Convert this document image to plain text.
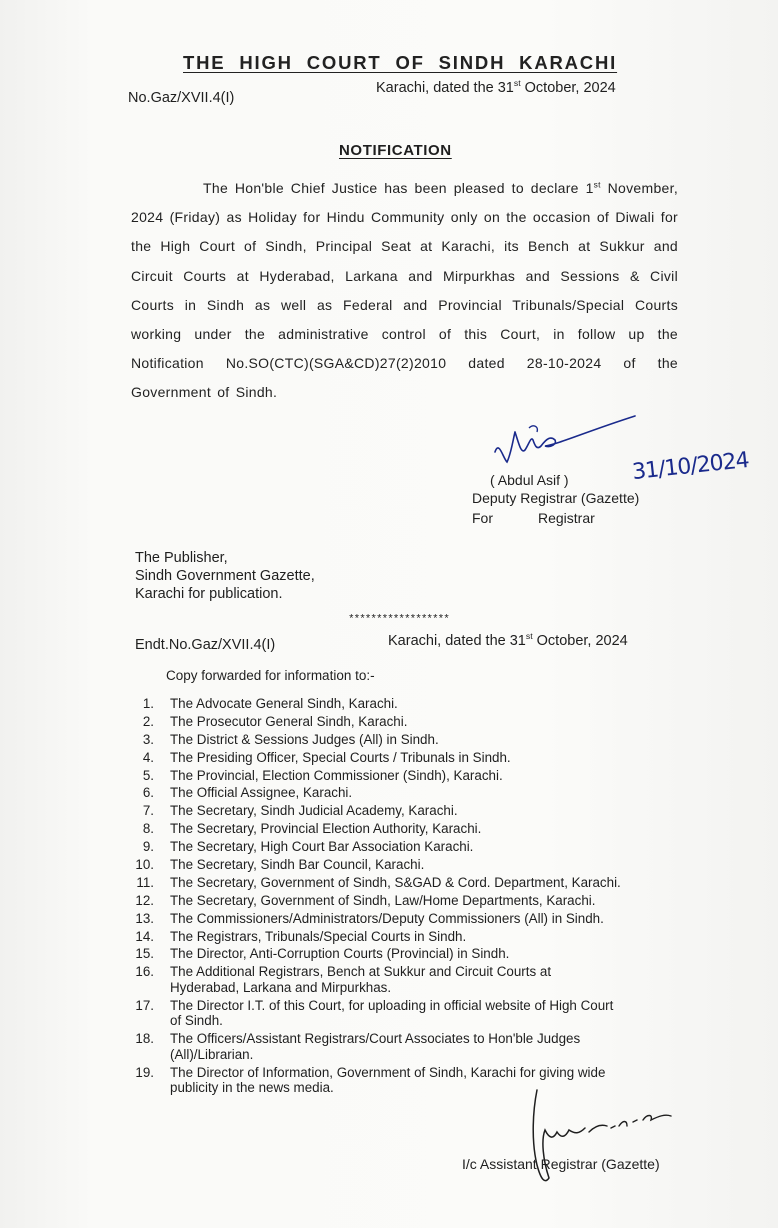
THE HIGH COURT OF SINDH KARACHI
No.Gaz/XVII.4(I)
Karachi, dated the 31st October, 2024
NOTIFICATION
The Hon'ble Chief Justice has been pleased to declare 1st November, 2024 (Friday) as Holiday for Hindu Community only on the occasion of Diwali for the High Court of Sindh, Principal Seat at Karachi, its Bench at Sukkur and Circuit Courts at Hyderabad, Larkana and Mirpurkhas and Sessions & Civil Courts in Sindh as well as Federal and Provincial Tribunals/Special Courts working under the administrative control of this Court, in follow up the Notification No.SO(CTC)(SGA&CD)27(2)2010 dated 28-10-2024 of the Government of Sindh.
31/10/2024
( Abdul Asif )
Deputy Registrar (Gazette)
For	Registrar
The Publisher,
Sindh Government Gazette,
Karachi for publication.
******************
Endt.No.Gaz/XVII.4(I)	Karachi, dated the 31st October, 2024
Copy forwarded for information to:-
1. The Advocate General Sindh, Karachi.
2. The Prosecutor General Sindh, Karachi.
3. The District & Sessions Judges (All) in Sindh.
4. The Presiding Officer, Special Courts / Tribunals in Sindh.
5. The Provincial, Election Commissioner (Sindh), Karachi.
6. The Official Assignee, Karachi.
7. The Secretary, Sindh Judicial Academy, Karachi.
8. The Secretary, Provincial Election Authority, Karachi.
9. The Secretary, High Court Bar Association Karachi.
10. The Secretary, Sindh Bar Council, Karachi.
11. The Secretary, Government of Sindh, S&GAD & Cord. Department, Karachi.
12. The Secretary, Government of Sindh, Law/Home Departments, Karachi.
13. The Commissioners/Administrators/Deputy Commissioners (All) in Sindh.
14. The Registrars, Tribunals/Special Courts in Sindh.
15. The Director, Anti-Corruption Courts (Provincial) in Sindh.
16. The Additional Registrars, Bench at Sukkur and Circuit Courts at
Hyderabad, Larkana and Mirpurkhas.
17. The Director I.T. of this Court, for uploading in official website of High Court
of Sindh.
18. The Officers/Assistant Registrars/Court Associates to Hon'ble Judges
(All)/Librarian.
19. The Director of Information, Government of Sindh, Karachi for giving wide
publicity in the news media.
I/c Assistant Registrar (Gazette)
